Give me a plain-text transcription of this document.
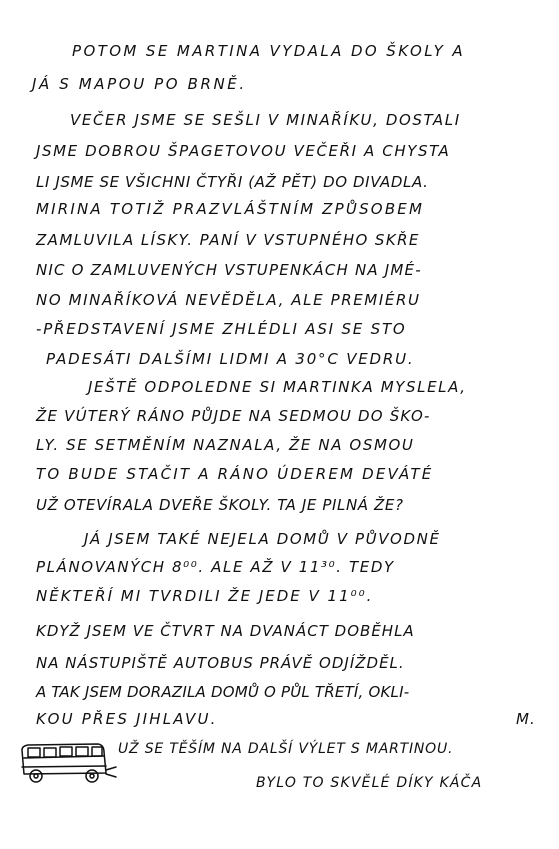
POTOM SE MARTINA VYDALA DO ŠKOLY A
JÁ S MAPOU PO BRNĚ.
VEČER JSME SE SEŠLI V MINAŘÍKU, DOSTALI
JSME DOBROU ŠPAGETOVOU VEČEŘI A CHYSTA
LI JSME SE VŠICHNI ČTYŘI (AŽ PĚT) DO DIVADLA.
MIRINA TOTIŽ PRAZVLÁŠTNÍM ZPŮSOBEM
ZAMLUVILA LÍSKY. PANÍ V VSTUPNÉHO SKŘE
NIC O ZAMLUVENÝCH VSTUPENKÁCH NA JMÉ-
NO MINAŘÍKOVÁ NEVĚDĚLA, ALE PREMIÉRU
-PŘEDSTAVENÍ JSME ZHLÉDLI ASI SE STO
PADESÁTI DALŠÍMI LIDMI A 30°C VEDRU.
JEŠTĚ ODPOLEDNE SI MARTINKA MYSLELA,
ŽE VÚTERÝ RÁNO PŮJDE NA SEDMOU DO ŠKO-
LY. SE SETMĚNÍM NAZNALA, ŽE NA OSMOU
TO BUDE STAČIT A RÁNO ÚDEREM DEVÁTÉ
UŽ OTEVÍRALA DVEŘE ŠKOLY. TA JE PILNÁ ŽE?
JÁ JSEM TAKÉ NEJELA DOMŮ V PŮVODNĚ
PLÁNOVANÝCH 8⁰⁰. ALE AŽ V 11³⁰. TEDY
NĚKTEŘÍ MI TVRDILI ŽE JEDE V 11⁰⁰.
KDYŽ JSEM VE ČTVRT NA DVANÁCT DOBĚHLA
NA NÁSTUPIŠTĚ AUTOBUS PRÁVĚ ODJÍŽDĚL.
A TAK JSEM DORAZILA DOMŮ O PŮL TŘETÍ, OKLI-
KOU PŘES JIHLAVU.	M.
UŽ SE TĚŠÍM NA DALŠÍ VÝLET S MARTINOU.
BYLO TO SKVĚLÉ DÍKY KÁČA
